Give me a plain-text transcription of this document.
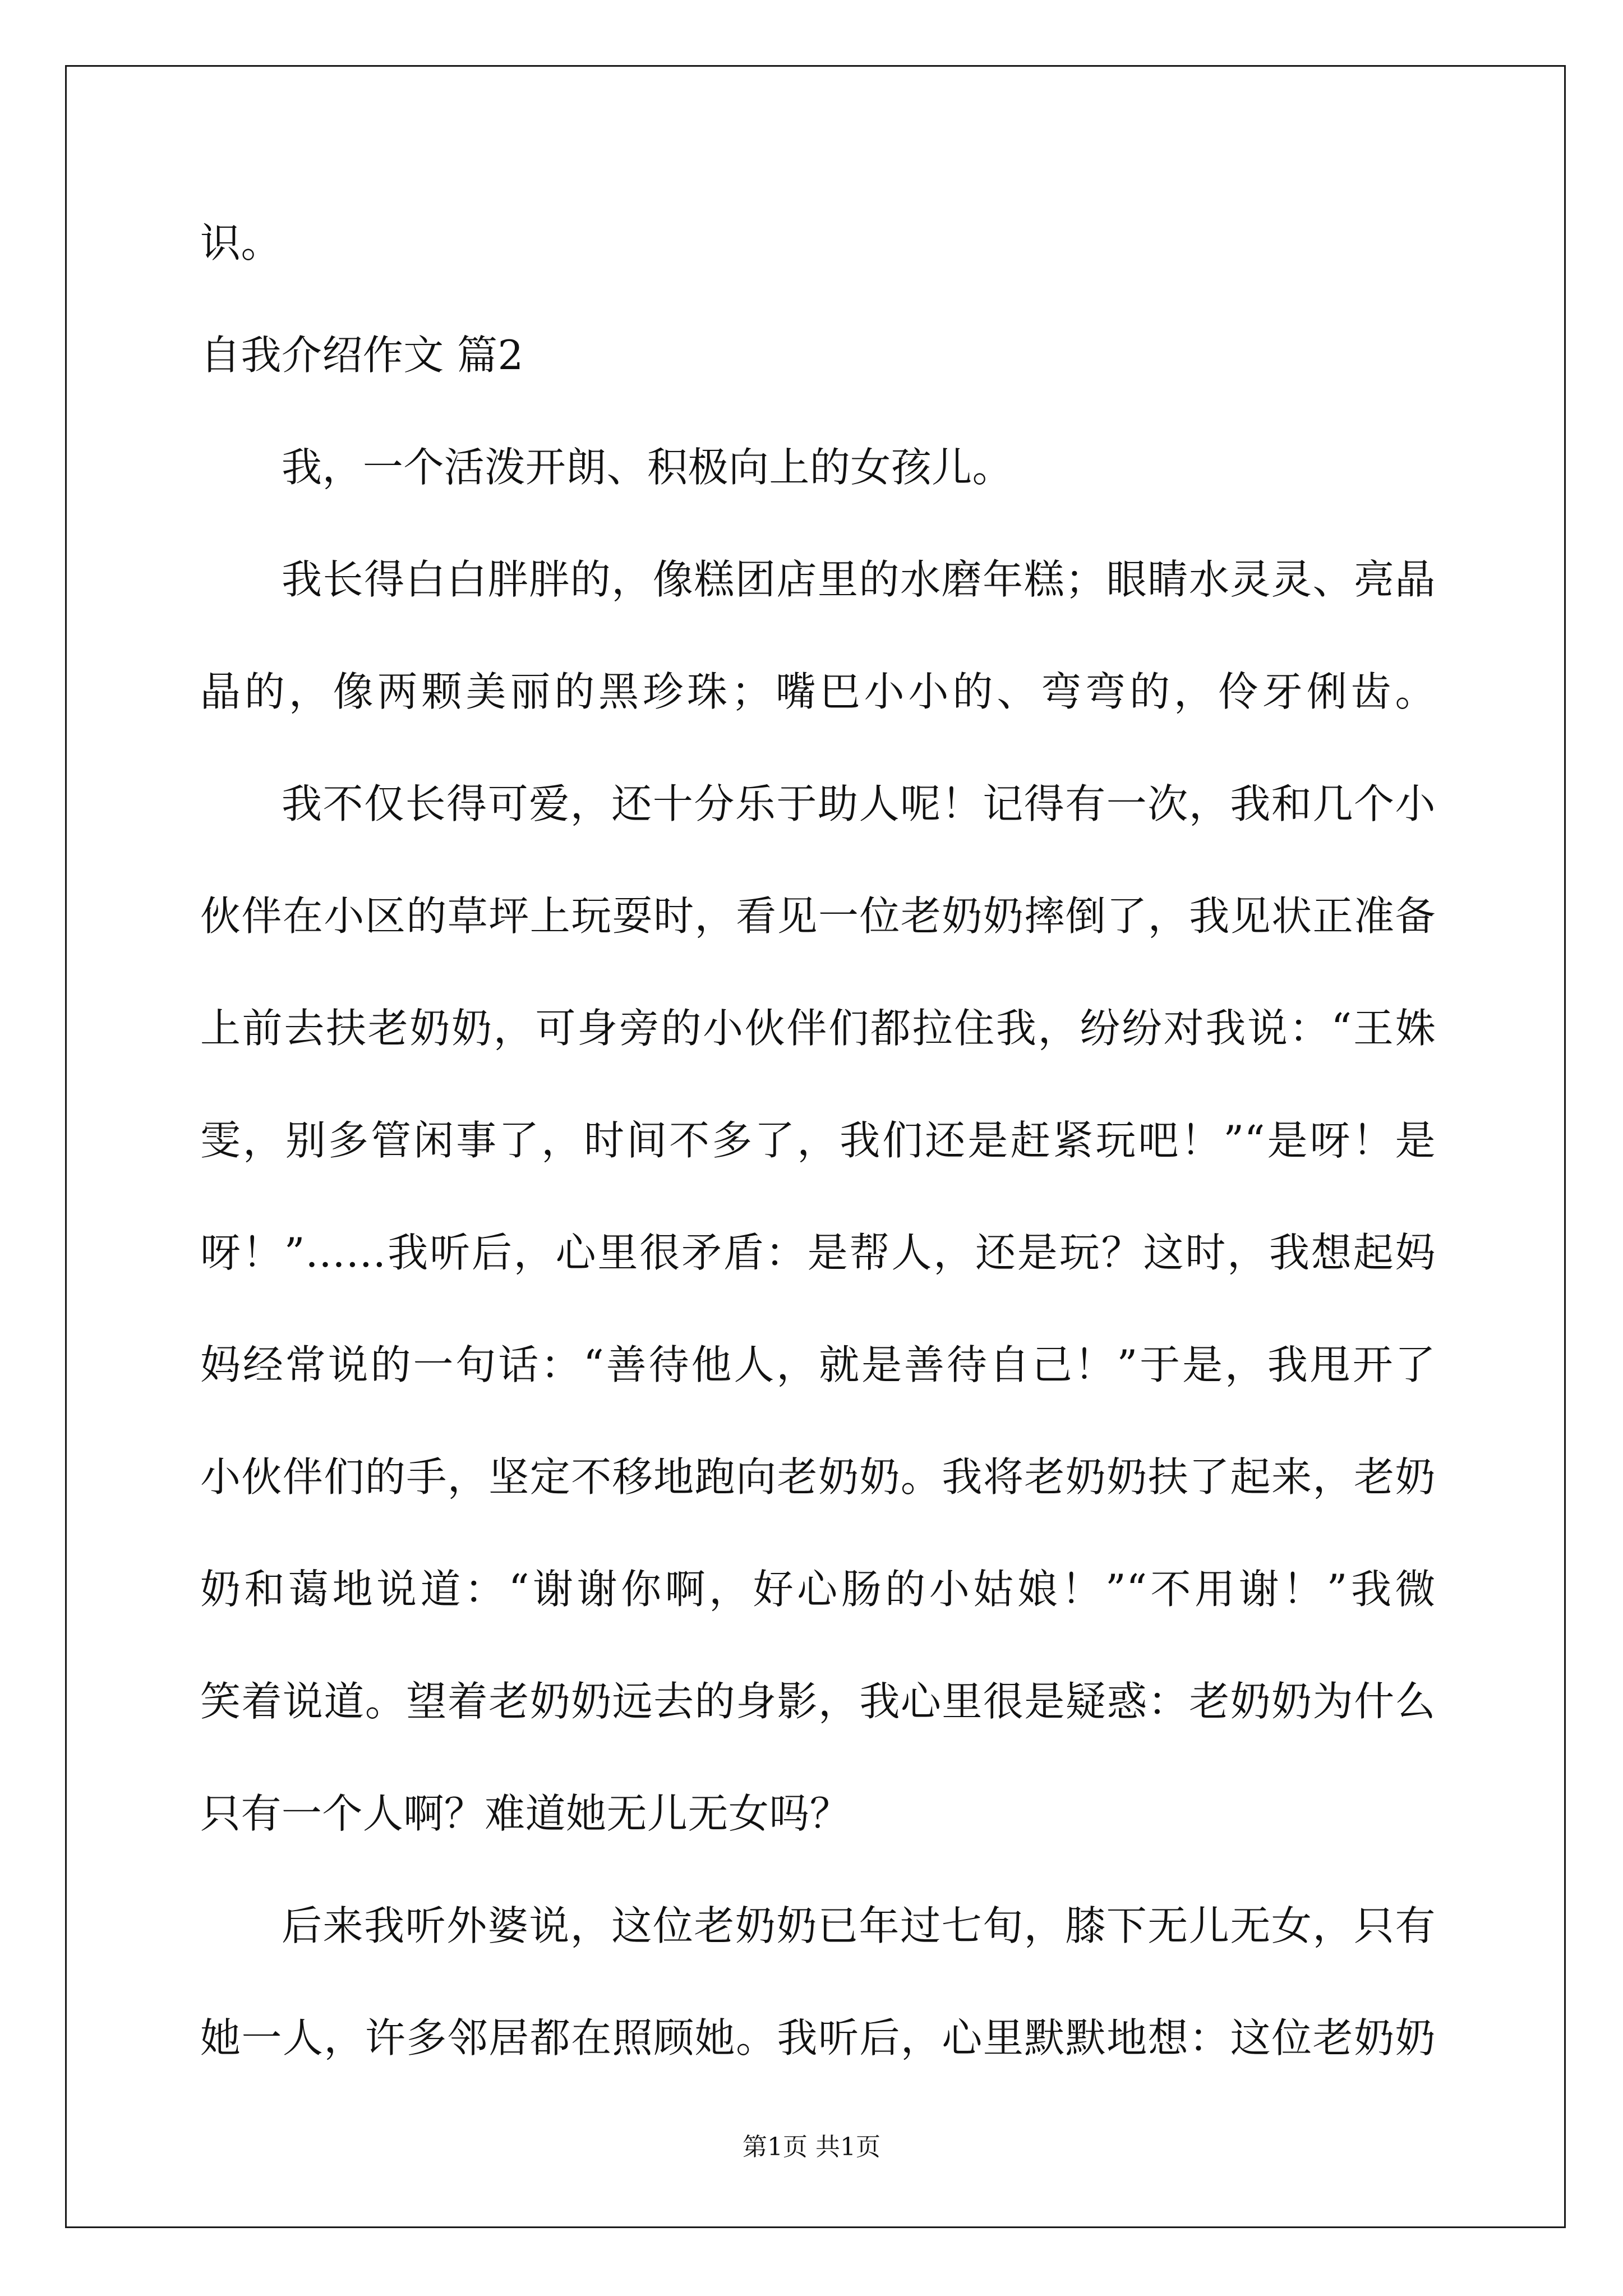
识。
自我介绍作文 篇2
我，一个活泼开朗、积极向上的女孩儿。
我长得白白胖胖的，像糕团店里的水磨年糕；眼睛水灵灵、亮晶
晶的，像两颗美丽的黑珍珠；嘴巴小小的、弯弯的，伶牙俐齿。
我不仅长得可爱，还十分乐于助人呢！记得有一次，我和几个小
伙伴在小区的草坪上玩耍时，看见一位老奶奶摔倒了，我见状正准备
上前去扶老奶奶，可身旁的小伙伴们都拉住我，纷纷对我说：“王姝
雯，别多管闲事了，时间不多了，我们还是赶紧玩吧！”“是呀！是
呀！”……我听后，心里很矛盾：是帮人，还是玩？这时，我想起妈
妈经常说的一句话：“善待他人，就是善待自己！”于是，我甩开了
小伙伴们的手，坚定不移地跑向老奶奶。我将老奶奶扶了起来，老奶
奶和蔼地说道：“谢谢你啊，好心肠的小姑娘！”“不用谢！”我微
笑着说道。望着老奶奶远去的身影，我心里很是疑惑：老奶奶为什么
只有一个人啊？难道她无儿无女吗？
后来我听外婆说，这位老奶奶已年过七旬，膝下无儿无女，只有
她一人，许多邻居都在照顾她。我听后，心里默默地想：这位老奶奶
第1页 共1页
